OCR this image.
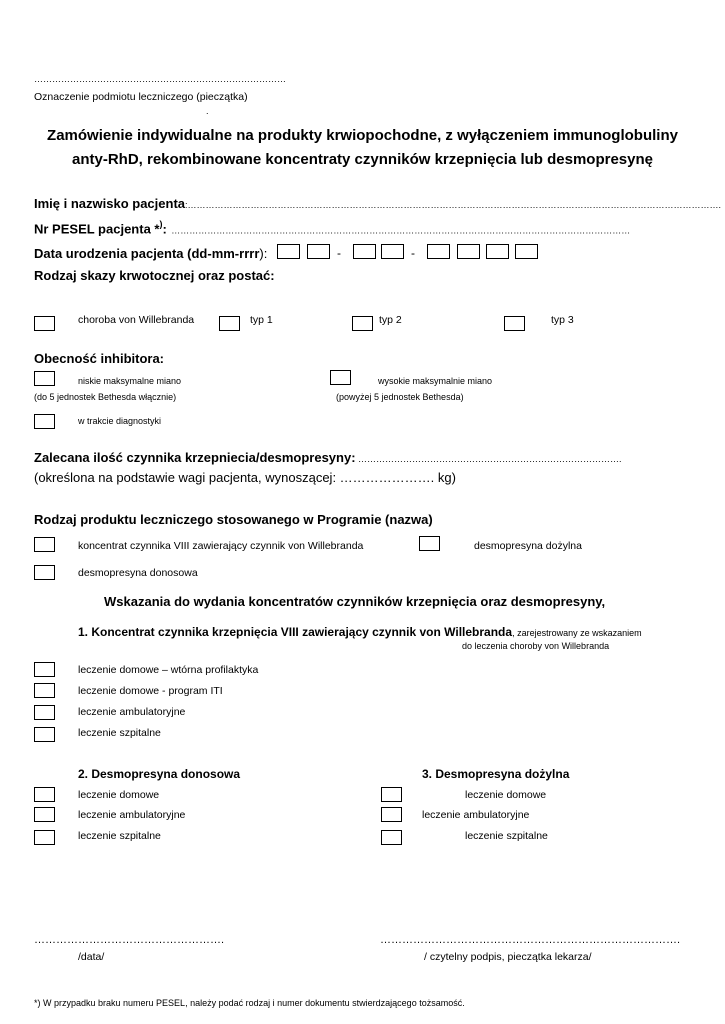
…………………………………………………………………………
Oznaczenie podmiotu leczniczego (pieczątka)
.
Zamówienie indywidualne na produkty krwiopochodne, z wyłączeniem immunoglobuliny
anty-RhD, rekombinowane koncentraty czynników krzepnięcia lub desmopresynę
Imię i nazwisko pacjenta:…………………………………………………………………………………………………………………………………………………………….
Nr PESEL pacjenta *): ………………………………………………………………………………………………………………………………………
Data urodzenia pacjenta (dd-mm-rrrr):	-	-
Rodzaj skazy krwotocznej oraz postać:
choroba von Willebranda	typ 1	typ 2	typ 3
Obecność inhibitora:
niskie maksymalne miano
(do 5 jednostek Bethesda włącznie)
wysokie maksymalnie miano
(powyżej 5 jednostek Bethesda)
w trakcie diagnostyki
Zalecana ilość czynnika krzepniecia/desmopresyny: …………………………………………………………………………….
(określona na podstawie wagi pacjenta, wynoszącej: …………………. kg)
Rodzaj produktu leczniczego stosowanego w Programie (nazwa)
koncentrat czynnika VIII zawierający czynnik von Willebranda	desmopresyna dożylna
desmopresyna donosowa
Wskazania do wydania koncentratów czynników krzepnięcia oraz desmopresyny,
1. Koncentrat czynnika krzepnięcia VIII zawierający czynnik von Willebranda, zarejestrowany ze wskazaniem
do leczenia choroby von Willebranda
leczenie domowe – wtórna profilaktyka
leczenie domowe - program ITI
leczenie ambulatoryjne
leczenie szpitalne
2. Desmopresyna donosowa
leczenie domowe
leczenie ambulatoryjne
leczenie szpitalne
3. Desmopresyna dożylna
leczenie domowe
leczenie ambulatoryjne
leczenie szpitalne
…………………………………………….
/data/
……………………………………………………………………….
/ czytelny podpis, pieczątka lekarza/
*) W przypadku braku numeru PESEL, należy podać rodzaj i numer dokumentu stwierdzającego tożsamość.
